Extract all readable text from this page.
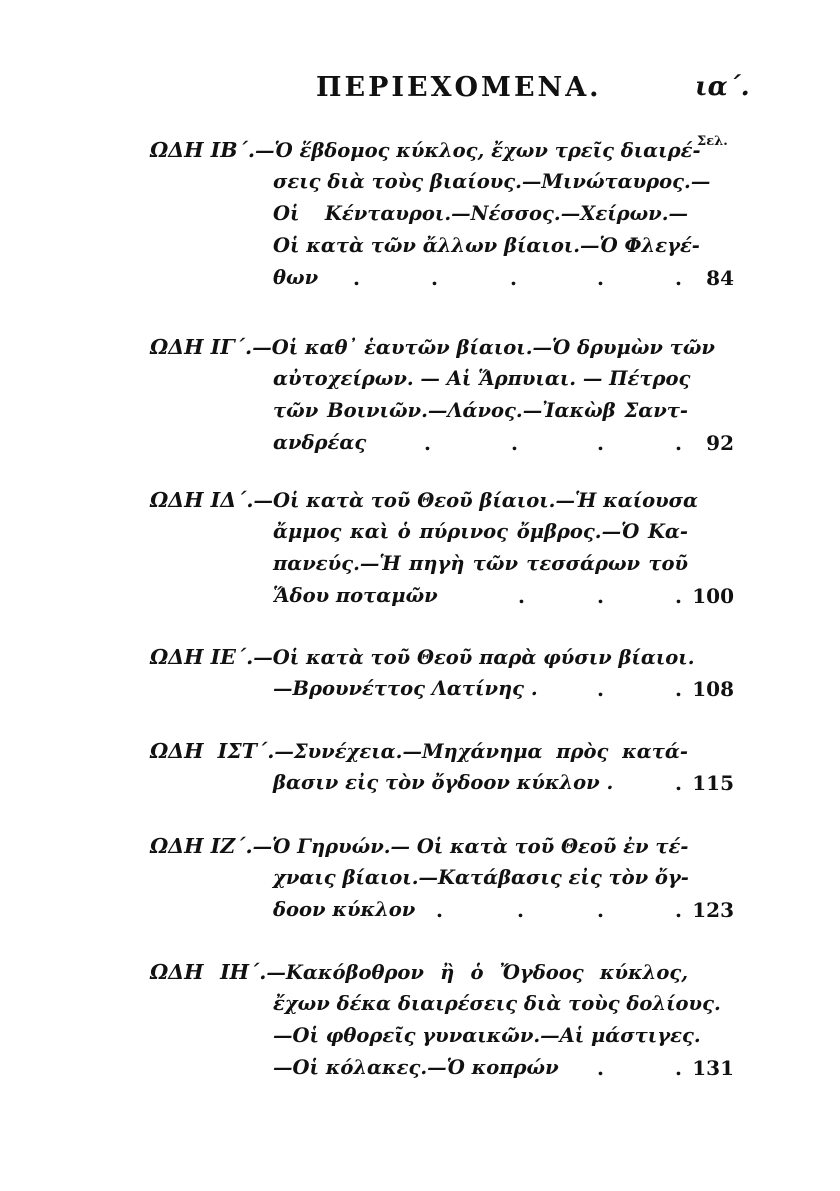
ΠΕΡΙΕΧΟΜΕΝΑ.	ια΄.
Σελ.
ΩΔΗ ΙΒ΄.—Ὁ ἕβδομος κύκλος, ἔχων τρεῖς διαιρέ-
σεις διὰ τοὺς βιαίους.—Μινώταυρος.—
Οἱ Κένταυροι.—Νέσσος.—Χείρων.—
Οἱ κατὰ τῶν ἄλλων βίαιοι.—Ὁ Φλεγέ-
θων	.	.	.	.	.	84
ΩΔΗ ΙΓ΄.—Οἱ καθ᾿ ἑαυτῶν βίαιοι.—Ὁ δρυμὼν τῶν
αὐτοχείρων. — Αἱ Ἅρπυιαι. — Πέτρος
τῶν Βοινιῶν.—Λάνος.—Ἰακὼβ Σαντ-
ανδρέας	.	.	.	.	92
ΩΔΗ ΙΔ΄.—Οἱ κατὰ τοῦ Θεοῦ βίαιοι.—Ἡ καίουσα
ἄμμος καὶ ὁ πύρινος ὄμβρος.—Ὁ Κα-
πανεύς.—Ἡ πηγὴ τῶν τεσσάρων τοῦ
Ἅδου ποταμῶν	.	.	. 100
ΩΔΗ ΙΕ΄.—Οἱ κατὰ τοῦ Θεοῦ παρὰ φύσιν βίαιοι.
—Βρουνέττος Λατίνης .	.	. 108
ΩΔΗ ΙΣΤ΄.—Συνέχεια.—Μηχάνημα πρὸς κατά-
βασιν εἰς τὸν ὄγδοον κύκλον .	. 115
ΩΔΗ ΙΖ΄.—Ὁ Γηρυών.— Οἱ κατὰ τοῦ Θεοῦ ἐν τέ-
χναις βίαιοι.—Κατάβασις εἰς τὸν ὄγ-
δοον κύκλον	.	.	.	. 123
ΩΔΗ ΙΗ΄.—Κακόβοθρον ἢ ὁ Ὄγδοος κύκλος,
ἔχων δέκα διαιρέσεις διὰ τοὺς δολίους.
—Οἱ φθορεῖς γυναικῶν.—Αἱ μάστιγες.
—Οἱ κόλακες.—Ὁ κοπρών	.	. 131
